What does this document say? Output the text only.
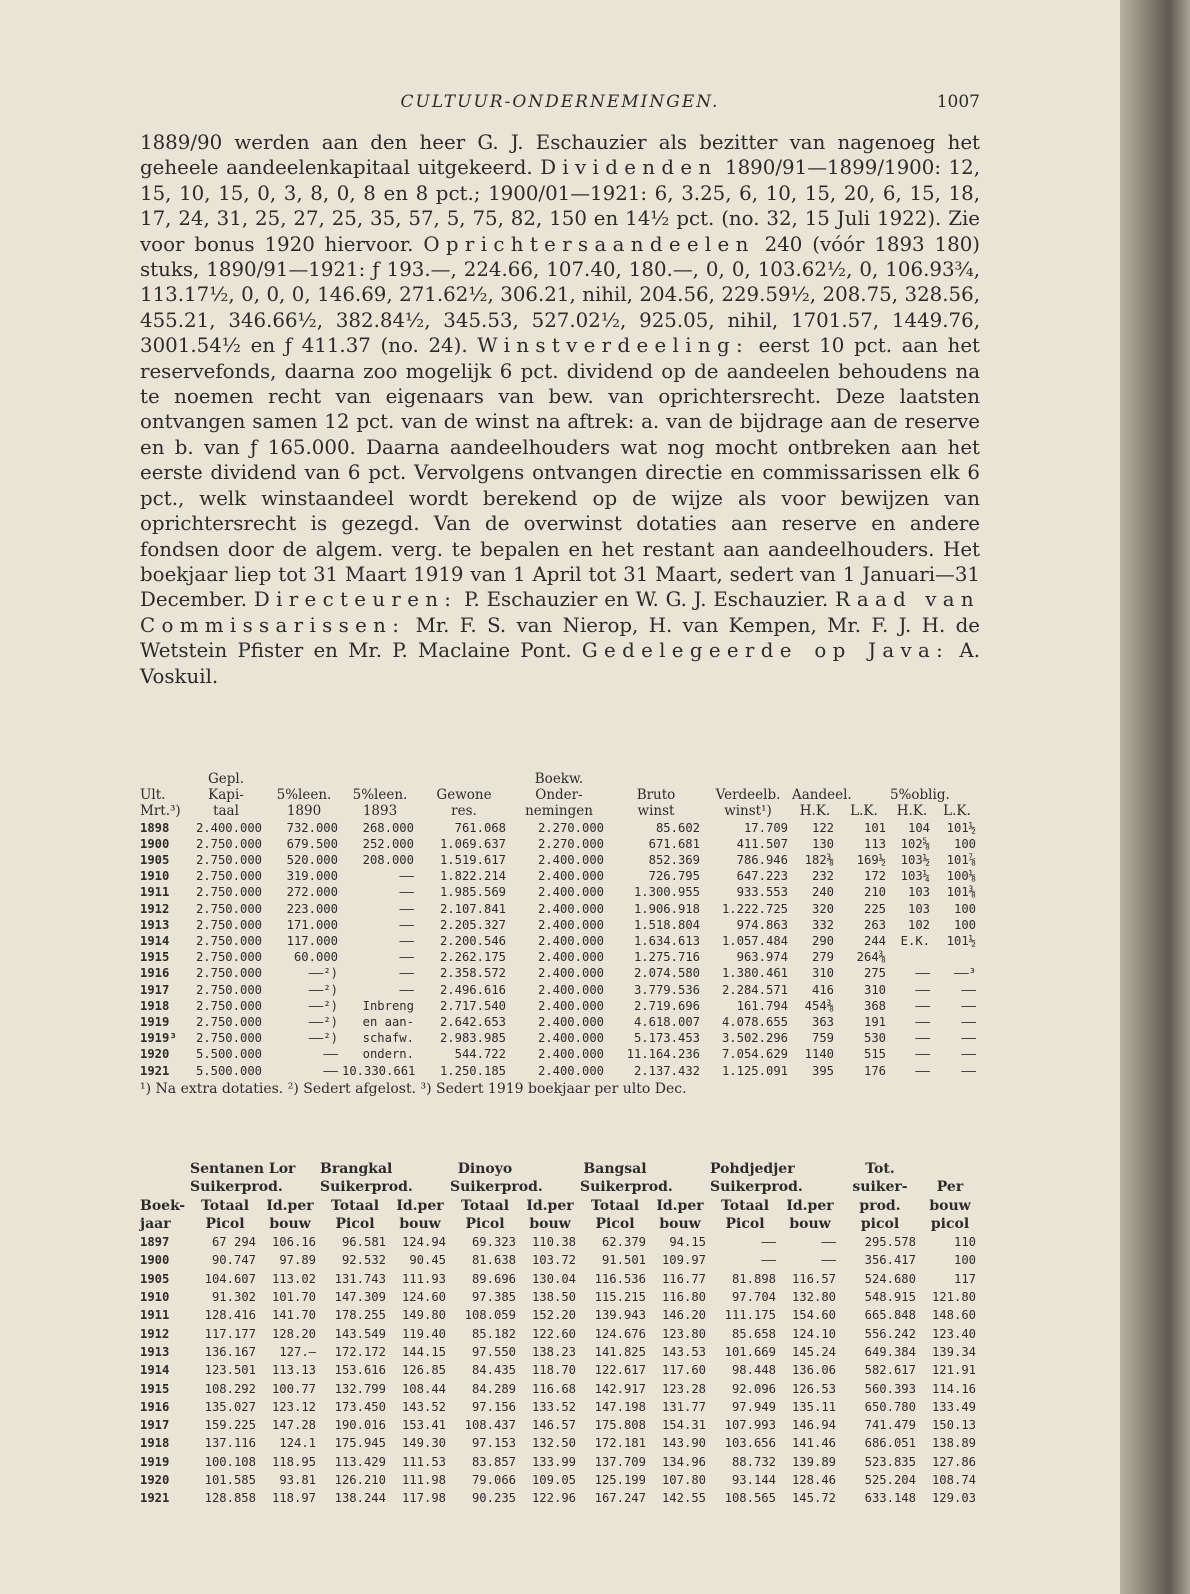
CULTUUR-ONDERNEMINGEN.	1007

1889/90 werden aan den heer G. J. Eschauzier als bezitter van nagenoeg het geheele aandeelenkapitaal uitgekeerd. Dividenden 1890/91—1899/1900: 12, 15, 10, 15, 0, 3, 8, 0, 8 en 8 pct.; 1900/01—1921: 6, 3.25, 6, 10, 15, 20, 6, 15, 18, 17, 24, 31, 25, 27, 25, 35, 57, 5, 75, 82, 150 en 14½ pct. (no. 32, 15 Juli 1922). Zie voor bonus 1920 hiervoor. Oprichtersaandeelen 240 (vóór 1893 180) stuks, 1890/91—1921: ƒ 193.—, 224.66, 107.40, 180.—, 0, 0, 103.62½, 0, 106.93¾, 113.17½, 0, 0, 0, 146.69, 271.62½, 306.21, nihil, 204.56, 229.59½, 208.75, 328.56, 455.21, 346.66½, 382.84½, 345.53, 527.02½, 925.05, nihil, 1701.57, 1449.76, 3001.54½ en ƒ 411.37 (no. 24). Winstverdeeling: eerst 10 pct. aan het reservefonds, daarna zoo mogelijk 6 pct. dividend op de aandeelen behoudens na te noemen recht van eigenaars van bew. van oprichtersrecht. Deze laatsten ontvangen samen 12 pct. van de winst na aftrek: a. van de bijdrage aan de reserve en b. van ƒ 165.000. Daarna aandeelhouders wat nog mocht ontbreken aan het eerste dividend van 6 pct. Vervolgens ontvangen directie en commissarissen elk 6 pct., welk winstaandeel wordt berekend op de wijze als voor bewijzen van oprichtersrecht is gezegd. Van de overwinst dotaties aan reserve en andere fondsen door de algem. verg. te bepalen en het restant aan aandeelhouders. Het boekjaar liep tot 31 Maart 1919 van 1 April tot 31 Maart, sedert van 1 Januari—31 December. Directeuren: P. Eschauzier en W. G. J. Eschauzier. Raad van Commissarissen: Mr. F. S. van Nierop, H. van Kempen, Mr. F. J. H. de Wetstein Pfister en Mr. P. Maclaine Pont. Gedelegeerde op Java: A. Voskuil.

	Gepl.				Boekw.						
Ult.	Kapi-	5%leen.	5%leen.	Gewone	Onder-	Bruto	Verdeelb.	Aandeel.		5%oblig.	
Mrt.³)	taal	1890	1893	res.	nemingen	winst	winst¹)	H.K.	L.K.	H.K.	L.K.
1898	2.400.000	732.000	268.000	761.068	2.270.000	85.602	17.709	122	101	104	101½
1900	2.750.000	679.500	252.000	1.069.637	2.270.000	671.681	411.507	130	113	102⅝	100
1905	2.750.000	520.000	208.000	1.519.617	2.400.000	852.369	786.946	182⅜	169½	103½	101⅞
1910	2.750.000	319.000	——	1.822.214	2.400.000	726.795	647.223	232	172	103¼	100⅛
1911	2.750.000	272.000	——	1.985.569	2.400.000	1.300.955	933.553	240	210	103	101⅜
1912	2.750.000	223.000	——	2.107.841	2.400.000	1.906.918	1.222.725	320	225	103	100
1913	2.750.000	171.000	——	2.205.327	2.400.000	1.518.804	974.863	332	263	102	100
1914	2.750.000	117.000	——	2.200.546	2.400.000	1.634.613	1.057.484	290	244	E.K.	101½
1915	2.750.000	60.000	——	2.262.175	2.400.000	1.275.716	963.974	279	264⅜		
1916	2.750.000	——²)	——	2.358.572	2.400.000	2.074.580	1.380.461	310	275	——	——³
1917	2.750.000	——²)	——	2.496.616	2.400.000	3.779.536	2.284.571	416	310	——	——
1918	2.750.000	——²)	Inbreng	2.717.540	2.400.000	2.719.696	161.794	454⅜	368	——	——
1919	2.750.000	——²)	en aan-	2.642.653	2.400.000	4.618.007	4.078.655	363	191	——	——
1919³	2.750.000	——²)	schafw.	2.983.985	2.400.000	5.173.453	3.502.296	759	530	——	——
1920	5.500.000	——	ondern.	544.722	2.400.000	11.164.236	7.054.629	1140	515	——	——
1921	5.500.000	——	10.330.661	1.250.185	2.400.000	2.137.432	1.125.091	395	176	——	——
¹) Na extra dotaties. ²) Sedert afgelost. ³) Sedert 1919 boekjaar per ulto Dec.
	Sentanen Lor		Brangkal		Dinoyo		Bangsal		Pohdjedjer		Tot.	
	Suikerprod.		Suikerprod.		Suikerprod.		Suikerprod.		Suikerprod.		suiker-	Per
Boek-	Totaal	Id.per	Totaal	Id.per	Totaal	Id.per	Totaal	Id.per	Totaal	Id.per	prod.	bouw
jaar	Picol	bouw	Picol	bouw	Picol	bouw	Picol	bouw	Picol	bouw	picol	picol
1897	67 294	106.16	96.581	124.94	69.323	110.38	62.379	94.15	——	——	295.578	110
1900	90.747	97.89	92.532	90.45	81.638	103.72	91.501	109.97	——	——	356.417	100
1905	104.607	113.02	131.743	111.93	89.696	130.04	116.536	116.77	81.898	116.57	524.680	117
1910	91.302	101.70	147.309	124.60	97.385	138.50	115.215	116.80	97.704	132.80	548.915	121.80
1911	128.416	141.70	178.255	149.80	108.059	152.20	139.943	146.20	111.175	154.60	665.848	148.60
1912	117.177	128.20	143.549	119.40	85.182	122.60	124.676	123.80	85.658	124.10	556.242	123.40
1913	136.167	127.—	172.172	144.15	97.550	138.23	141.825	143.53	101.669	145.24	649.384	139.34
1914	123.501	113.13	153.616	126.85	84.435	118.70	122.617	117.60	98.448	136.06	582.617	121.91
1915	108.292	100.77	132.799	108.44	84.289	116.68	142.917	123.28	92.096	126.53	560.393	114.16
1916	135.027	123.12	173.450	143.52	97.156	133.52	147.198	131.77	97.949	135.11	650.780	133.49
1917	159.225	147.28	190.016	153.41	108.437	146.57	175.808	154.31	107.993	146.94	741.479	150.13
1918	137.116	124.1	175.945	149.30	97.153	132.50	172.181	143.90	103.656	141.46	686.051	138.89
1919	100.108	118.95	113.429	111.53	83.857	133.99	137.709	134.96	88.732	139.89	523.835	127.86
1920	101.585	93.81	126.210	111.98	79.066	109.05	125.199	107.80	93.144	128.46	525.204	108.74
1921	128.858	118.97	138.244	117.98	90.235	122.96	167.247	142.55	108.565	145.72	633.148	129.03
